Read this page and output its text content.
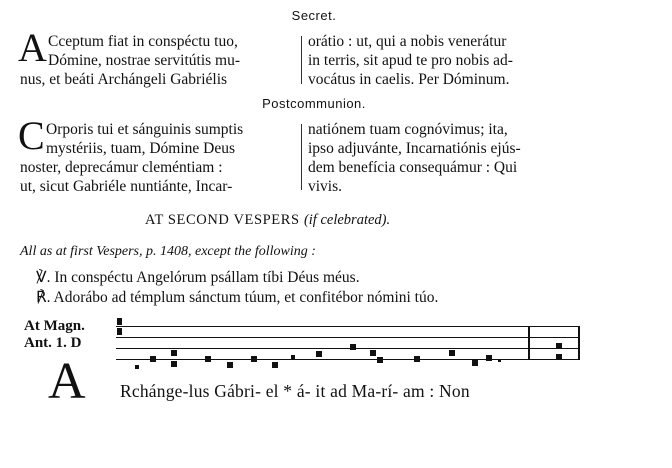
Secret.
A Cceptum fiat in conspéctu tuo,
Dómine, nostrae servitútis mu-
nus, et beáti Archángeli Gabriélis
orátio : ut, qui a nobis venerátur
in terris, sit apud te pro nobis ad-
vocátus in caelis. Per Dóminum.
Postcommunion.
C Orporis tui et sánguinis sumptis
mystériis, tuam, Dómine Deus
noster, deprecámur cleméntiam :
ut, sicut Gabriéle nuntiánte, Incar-
natiónem tuam cognóvimus; ita,
ipso adjuvánte, Incarnatiónis ejús-
dem benefícia consequámur : Qui
vivis.
AT SECOND VESPERS (if celebrated).
All as at first Vespers, p. 1408, except the following :
℣. In conspéctu Angelórum psállam tíbi Déus méus.
℟. Adorábo ad témplum sánctum túum, et confitébor nómini túo.
At Magn.
Ant. 1. D
A Rchánge-lus Gábri- el * á- it ad Ma-rí- am : Non
